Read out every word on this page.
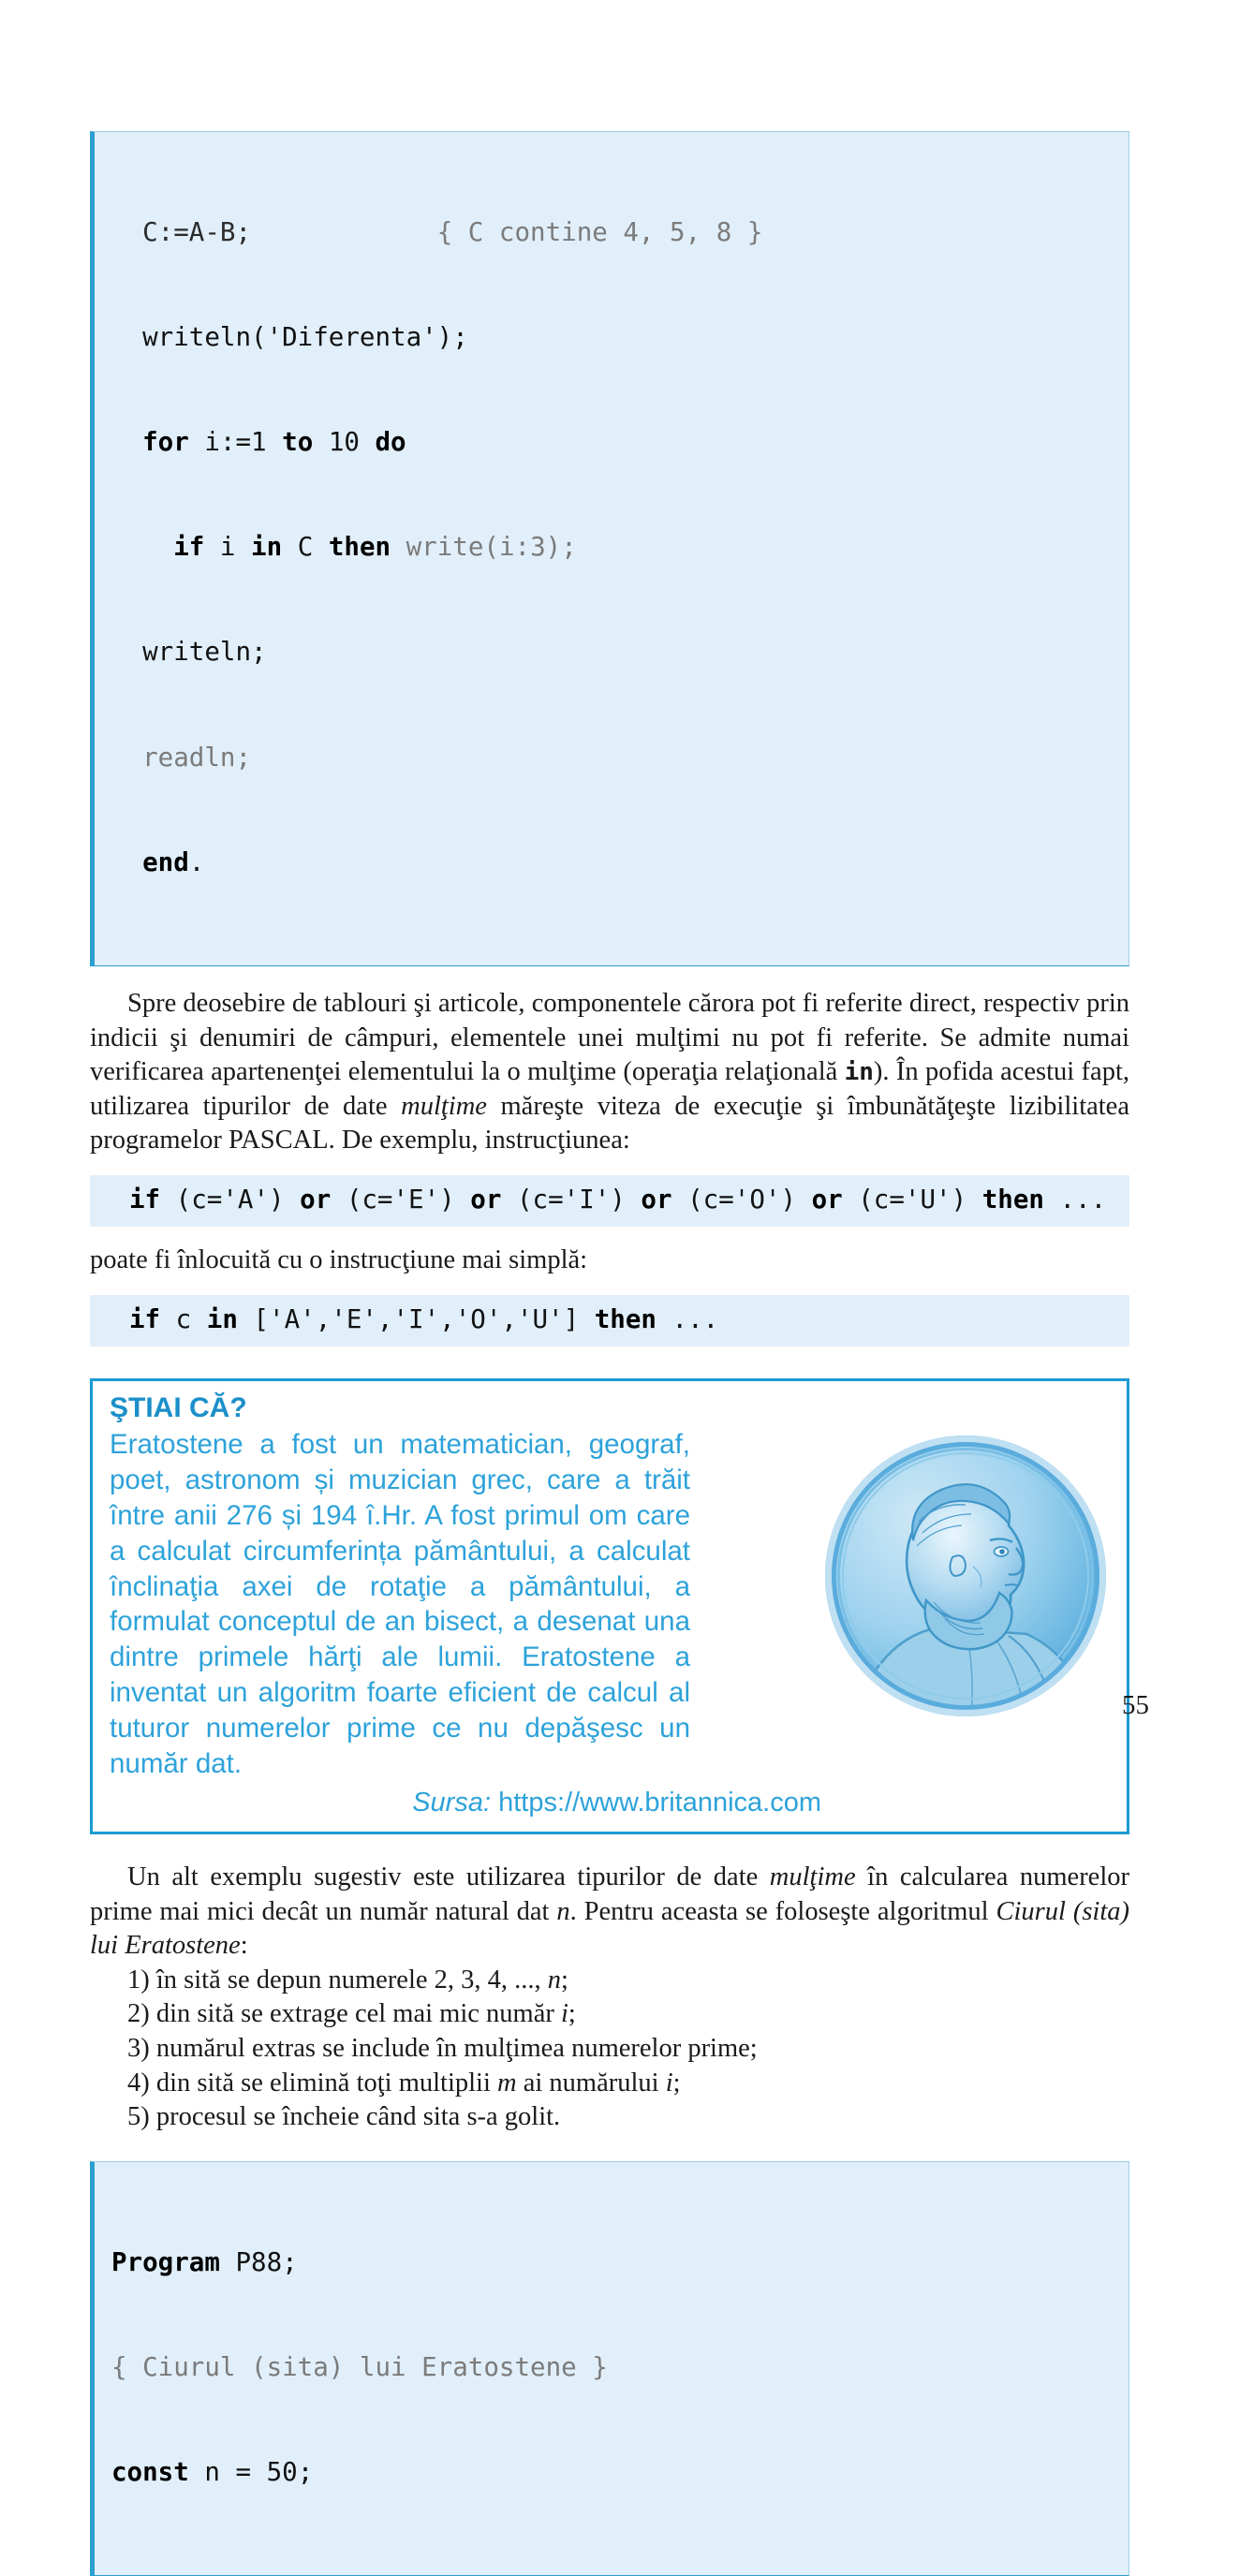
C:=A-B;            { C contine 4, 5, 8 }

writeln('Diferenta');

for i:=1 to 10 do

if i in C then write(i:3);

writeln;

readln;

end.

Spre deosebire de tablouri şi articole, componentele cărora pot fi referite direct, respectiv prin indicii şi denumiri de câmpuri, elementele unei mulţimi nu pot fi referite. Se admite numai verificarea apartenenţei elementului la o mulţime (operaţia relaţională in). În pofida acestui fapt, utilizarea tipurilor de date mulţime măreşte viteza de execuţie şi îmbunătăţeşte lizibilitatea programelor PASCAL. De exemplu, instrucţiunea:

if (c='A') or (c='E') or (c='I') or (c='O') or (c='U') then ...

poate fi înlocuită cu o instrucţiune mai simplă:

if c in ['A','E','I','O','U'] then ...
ŞTIAI CĂ?
Eratostene a fost un matematician, geograf, poet, astronom și muzician grec, care a trăit între anii 276 și 194 î.Hr. A fost primul om care a calculat circumferința pământului, a calculat înclinaţia axei de rotaţie a pământului, a formulat conceptul de an bisect, a desenat una dintre primele hărţi ale lumii. Eratostene a inventat un algoritm foarte eficient de calcul al tuturor numerelor prime ce nu depăşesc un număr dat.
Sursa: https://www.britannica.com

Un alt exemplu sugestiv este utilizarea tipurilor de date mulţime în calcularea numerelor prime mai mici decât un număr natural dat n. Pentru aceasta se foloseşte algoritmul Ciurul (sita) lui Eratostene:

1) în sită se depun numerele 2, 3, 4, ..., n;
2) din sită se extrage cel mai mic număr i;
3) numărul extras se include în mulţimea numerelor prime;
4) din sită se elimină toţi multiplii m ai numărului i;
5) procesul se încheie când sita s-a golit.

Program P88;

{ Ciurul (sita) lui Eratostene }

const n = 50;

55
